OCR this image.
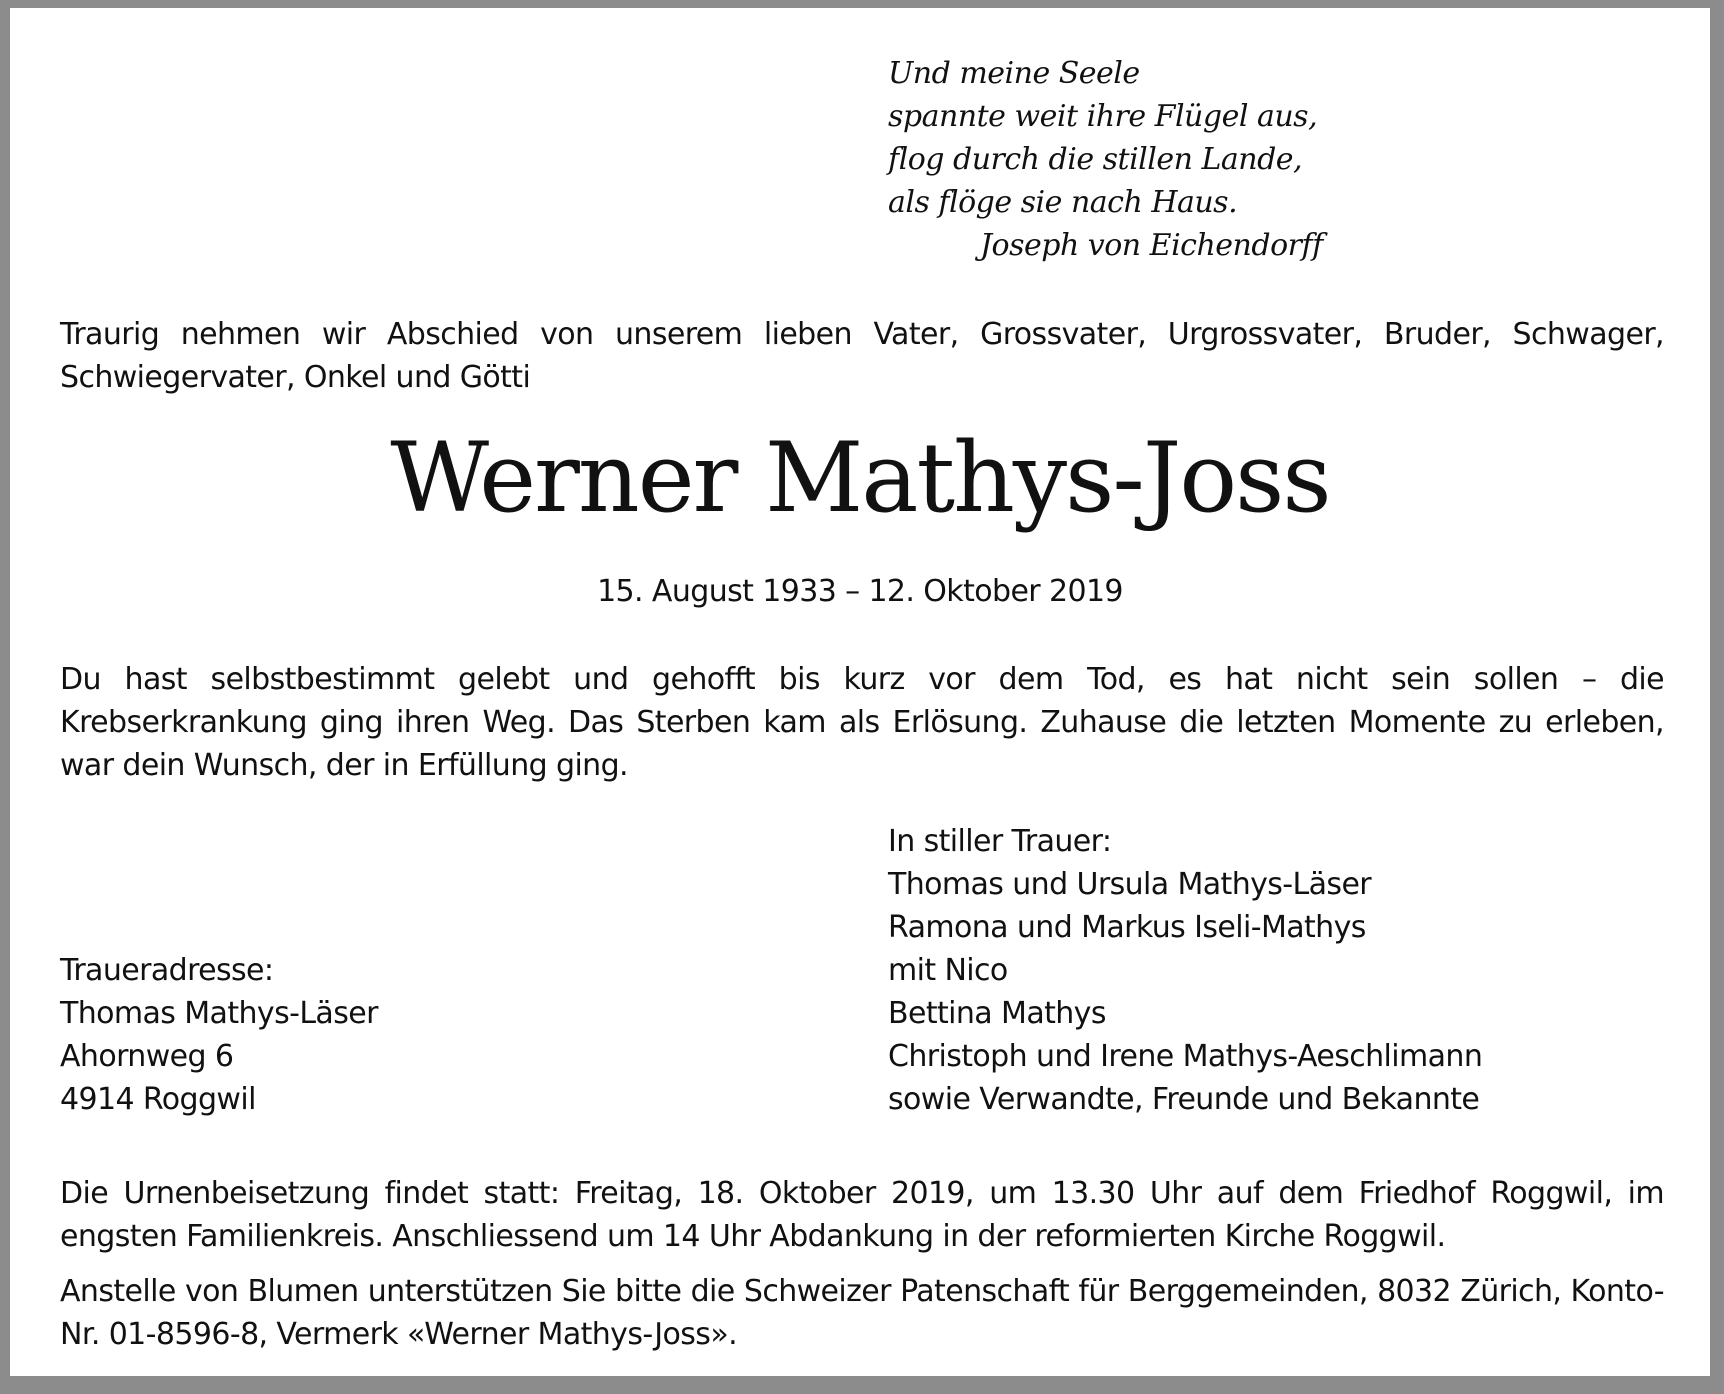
Und meine Seele
spannte weit ihre Flügel aus,
flog durch die stillen Lande,
als flöge sie nach Haus.
Joseph von Eichendorff
Traurig nehmen wir Abschied von unserem lieben Vater, Grossvater, Urgrossvater, Bruder, Schwager, Schwiegervater, Onkel und Götti
Werner Mathys-Joss
15. August 1933 – 12. Oktober 2019
Du hast selbstbestimmt gelebt und gehofft bis kurz vor dem Tod, es hat nicht sein sollen – die Krebserkrankung ging ihren Weg. Das Sterben kam als Erlösung. Zuhause die letzten Momente zu erleben, war dein Wunsch, der in Erfüllung ging.
In stiller Trauer:
Thomas und Ursula Mathys-Läser
Ramona und Markus Iseli-Mathys
mit Nico
Bettina Mathys
Christoph und Irene Mathys-Aeschlimann
sowie Verwandte, Freunde und Bekannte
Traueradresse:
Thomas Mathys-Läser
Ahornweg 6
4914 Roggwil
Die Urnenbeisetzung findet statt: Freitag, 18. Oktober 2019, um 13.30 Uhr auf dem Friedhof Roggwil, im engsten Familienkreis. Anschliessend um 14 Uhr Abdankung in der reformierten Kirche Roggwil.
Anstelle von Blumen unterstützen Sie bitte die Schweizer Patenschaft für Berggemeinden, 8032 Zürich, Konto-Nr. 01-8596-8, Vermerk «Werner Mathys-Joss».
